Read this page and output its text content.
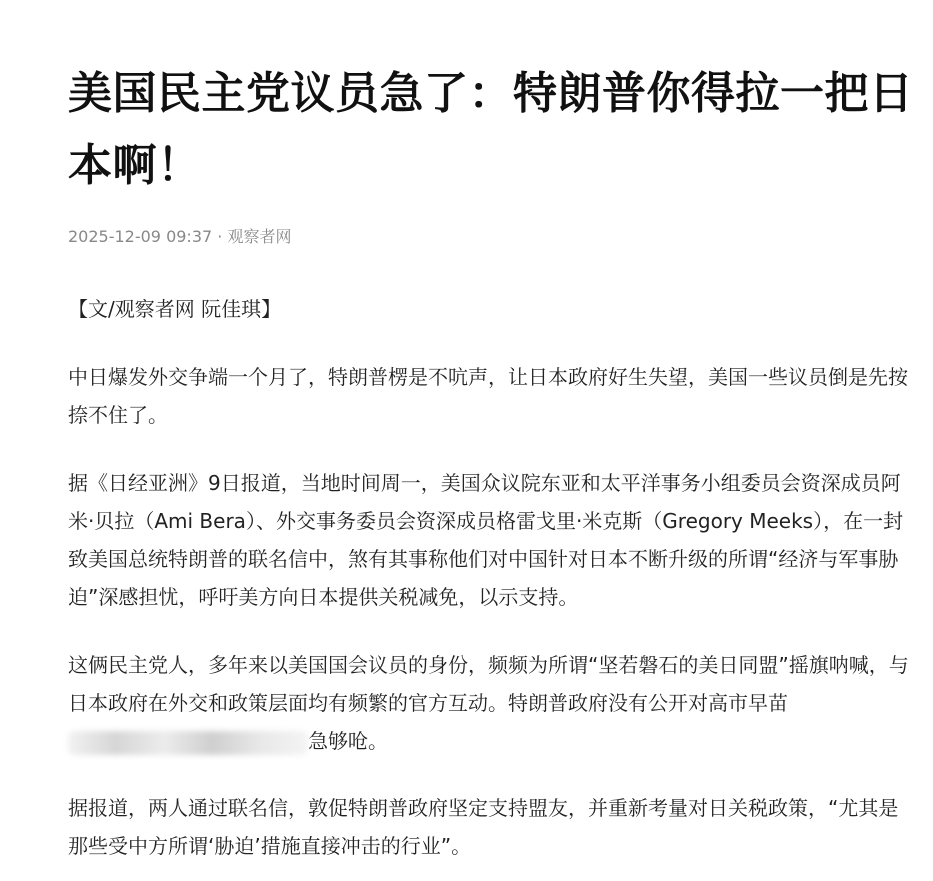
美国民主党议员急了：特朗普你得拉一把日本啊！
2025-12-09 09:37 · 观察者网
【文/观察者网 阮佳琪】

中日爆发外交争端一个月了，特朗普楞是不吭声，让日本政府好生失望，美国一些议员倒是先按捺不住了。

据《日经亚洲》9日报道，当地时间周一，美国众议院东亚和太平洋事务小组委员会资深成员阿米·贝拉（Ami Bera）、外交事务委员会资深成员格雷戈里·米克斯（Gregory Meeks），在一封致美国总统特朗普的联名信中，煞有其事称他们对中国针对日本不断升级的所谓“经济与军事胁迫”深感担忧，呼吁美方向日本提供关税减免，以示支持。

这俩民主党人，多年来以美国国会议员的身份，频频为所谓“坚若磐石的美日同盟”摇旗呐喊，与日本政府在外交和政策层面均有频繁的官方互动。特朗普政府没有公开对高市早苗急够呛。

据报道，两人通过联名信，敦促特朗普政府坚定支持盟友，并重新考量对日关税政策，“尤其是那些受中方所谓‘胁迫’措施直接冲击的行业”。
